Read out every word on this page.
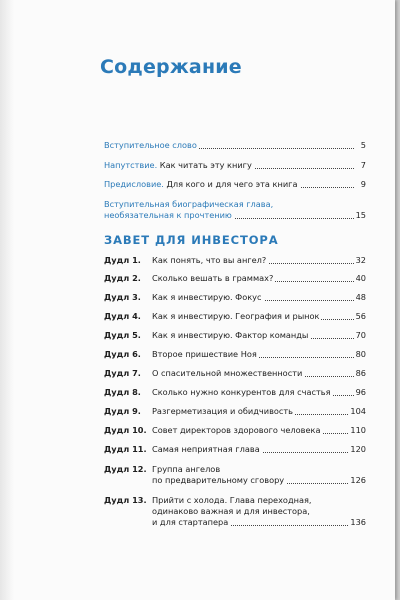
Содержание
Вступительное слово	5
Напутствие. Как читать эту книгу	7
Предисловие. Для кого и для чего эта книга	9
Вступительная биографическая глава,
необязательная к прочтению	15
ЗАВЕТ ДЛЯ ИНВЕСТОРА
Дудл 1. Как понять, что вы ангел?	32
Дудл 2. Сколько вешать в граммах?	40
Дудл 3. Как я инвестирую. Фокус	48
Дудл 4. Как я инвестирую. География и рынок	56
Дудл 5. Как я инвестирую. Фактор команды	70
Дудл 6. Второе пришествие Ноя	80
Дудл 7. О спасительной множественности	86
Дудл 8. Сколько нужно конкурентов для счастья	96
Дудл 9. Разгерметизация и обидчивость	104
Дудл 10. Совет директоров здорового человека	110
Дудл 11. Самая неприятная глава	120
Дудл 12. Группа ангелов
по предварительному сговору	126
Дудл 13. Прийти с холода. Глава переходная,
одинаково важная и для инвестора,
и для стартапера	136
